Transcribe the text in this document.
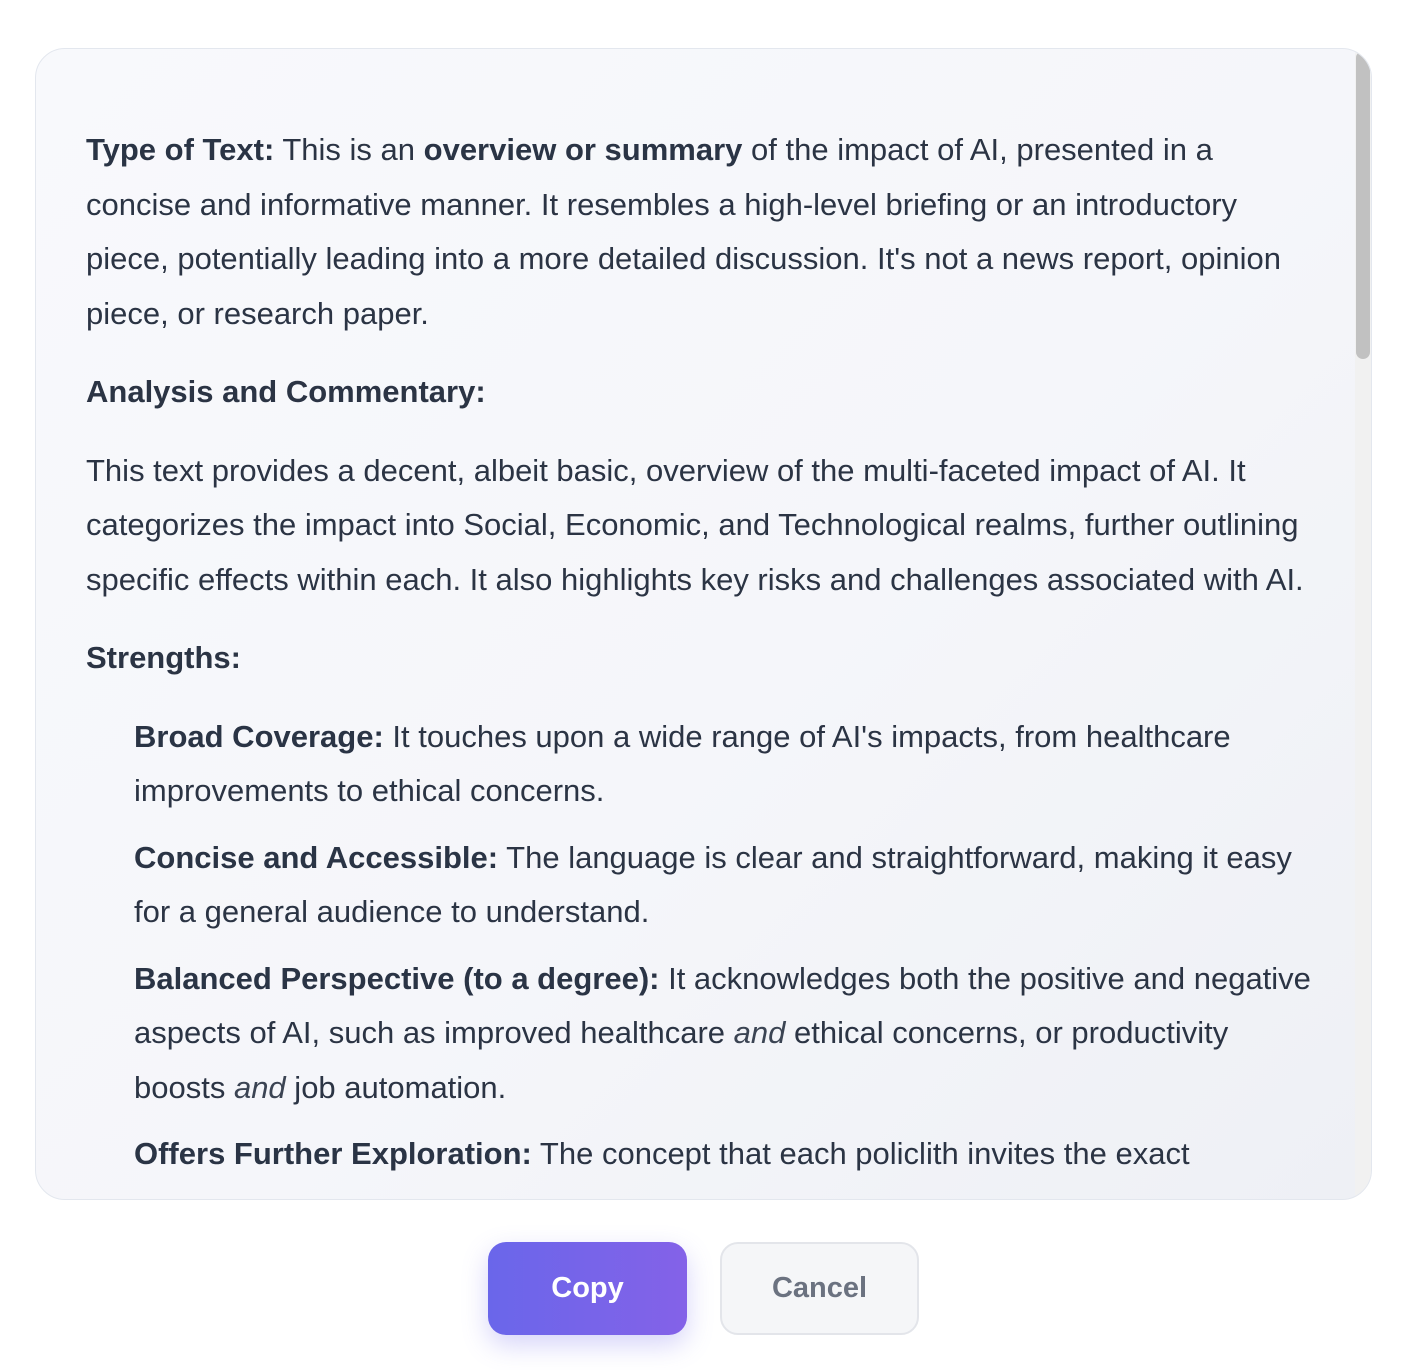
Type of Text: This is an overview or summary of the impact of AI, presented in a concise and informative manner. It resembles a high-level briefing or an introductory piece, potentially leading into a more detailed discussion. It's not a news report, opinion piece, or research paper.

Analysis and Commentary:

This text provides a decent, albeit basic, overview of the multi-faceted impact of AI. It categorizes the impact into Social, Economic, and Technological realms, further outlining specific effects within each. It also highlights key risks and challenges associated with AI.

Strengths:

Broad Coverage: It touches upon a wide range of AI's impacts, from healthcare improvements to ethical concerns.
Concise and Accessible: The language is clear and straightforward, making it easy for a general audience to understand.
Balanced Perspective (to a degree): It acknowledges both the positive and negative aspects of AI, such as improved healthcare and ethical concerns, or productivity boosts and job automation.
Offers Further Exploration: The concept that each policlith invites the exact
Copy	Cancel
